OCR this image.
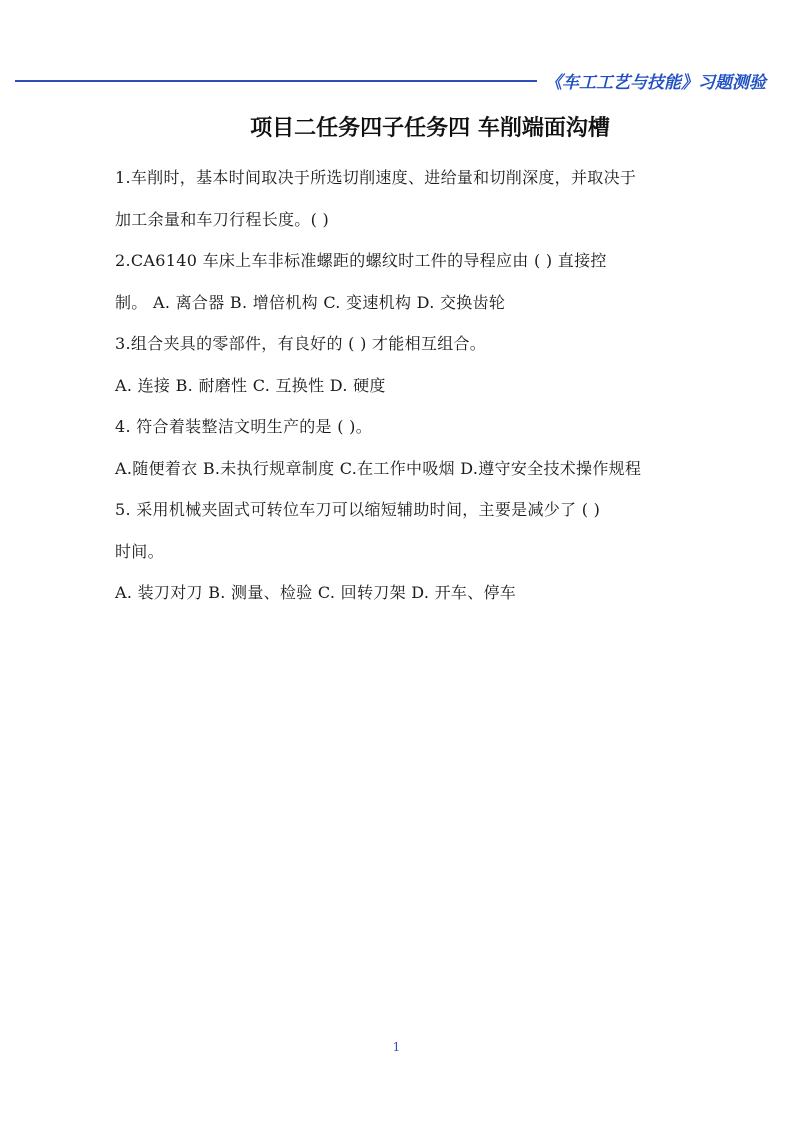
《车工工艺与技能》习题测验
项目二任务四子任务四 车削端面沟槽
1.车削时，基本时间取决于所选切削速度、进给量和切削深度，并取决于
加工余量和车刀行程长度。( )
2.CA6140 车床上车非标准螺距的螺纹时工件的导程应由 ( ) 直接控
制。 A. 离合器 B. 增倍机构 C. 变速机构 D. 交换齿轮
3.组合夹具的零部件，有良好的 ( ) 才能相互组合。
A. 连接 B. 耐磨性 C. 互换性 D. 硬度
4. 符合着装整洁文明生产的是 ( )。
A.随便着衣 B.未执行规章制度 C.在工作中吸烟 D.遵守安全技术操作规程
5. 采用机械夹固式可转位车刀可以缩短辅助时间，主要是减少了 ( )
时间。
A. 装刀对刀 B. 测量、检验 C. 回转刀架 D. 开车、停车
1
